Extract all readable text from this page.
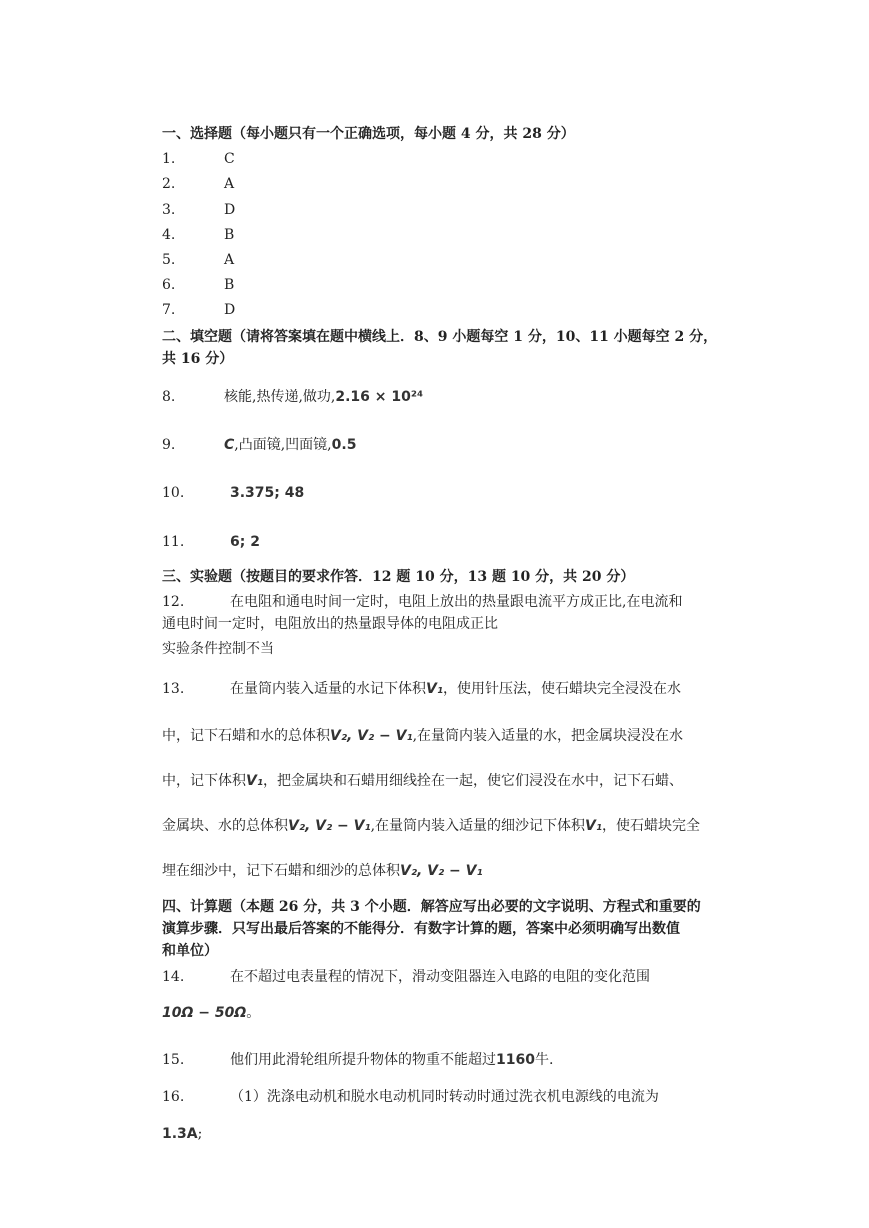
一、选择题（每小题只有一个正确选项，每小题 4 分，共 28 分）
1.	C
2.	A
3.	D
4.	B
5.	A
6.	B
7.	D
二、填空题（请将答案填在题中横线上．8、9 小题每空 1 分，10、11 小题每空 2 分，
共 16 分）
8.	核能,热传递,做功,2.16 × 10²⁴
9.	C,凸面镜,凹面镜,0.5
10.	3.375; 48
11.	6; 2
三、实验题（按题目的要求作答．12 题 10 分，13 题 10 分，共 20 分）
12.	在电阻和通电时间一定时，电阻上放出的热量跟电流平方成正比,在电流和
通电时间一定时，电阻放出的热量跟导体的电阻成正比
实验条件控制不当
13.	在量筒内装入适量的水记下体积V₁，使用针压法，使石蜡块完全浸没在水
中，记下石蜡和水的总体积V₂, V₂ − V₁,在量筒内装入适量的水，把金属块浸没在水
中，记下体积V₁，把金属块和石蜡用细线拴在一起，使它们浸没在水中，记下石蜡、
金属块、水的总体积V₂, V₂ − V₁,在量筒内装入适量的细沙记下体积V₁，使石蜡块完全
埋在细沙中，记下石蜡和细沙的总体积V₂, V₂ − V₁
四、计算题（本题 26 分，共 3 个小题．解答应写出必要的文字说明、方程式和重要的
演算步骤．只写出最后答案的不能得分．有数字计算的题，答案中必须明确写出数值
和单位）
14.	在不超过电表量程的情况下，滑动变阻器连入电路的电阻的变化范围
10Ω − 50Ω。
15.	他们用此滑轮组所提升物体的物重不能超过1160牛.
16.	（1）洗涤电动机和脱水电动机同时转动时通过洗衣机电源线的电流为
1.3A;
